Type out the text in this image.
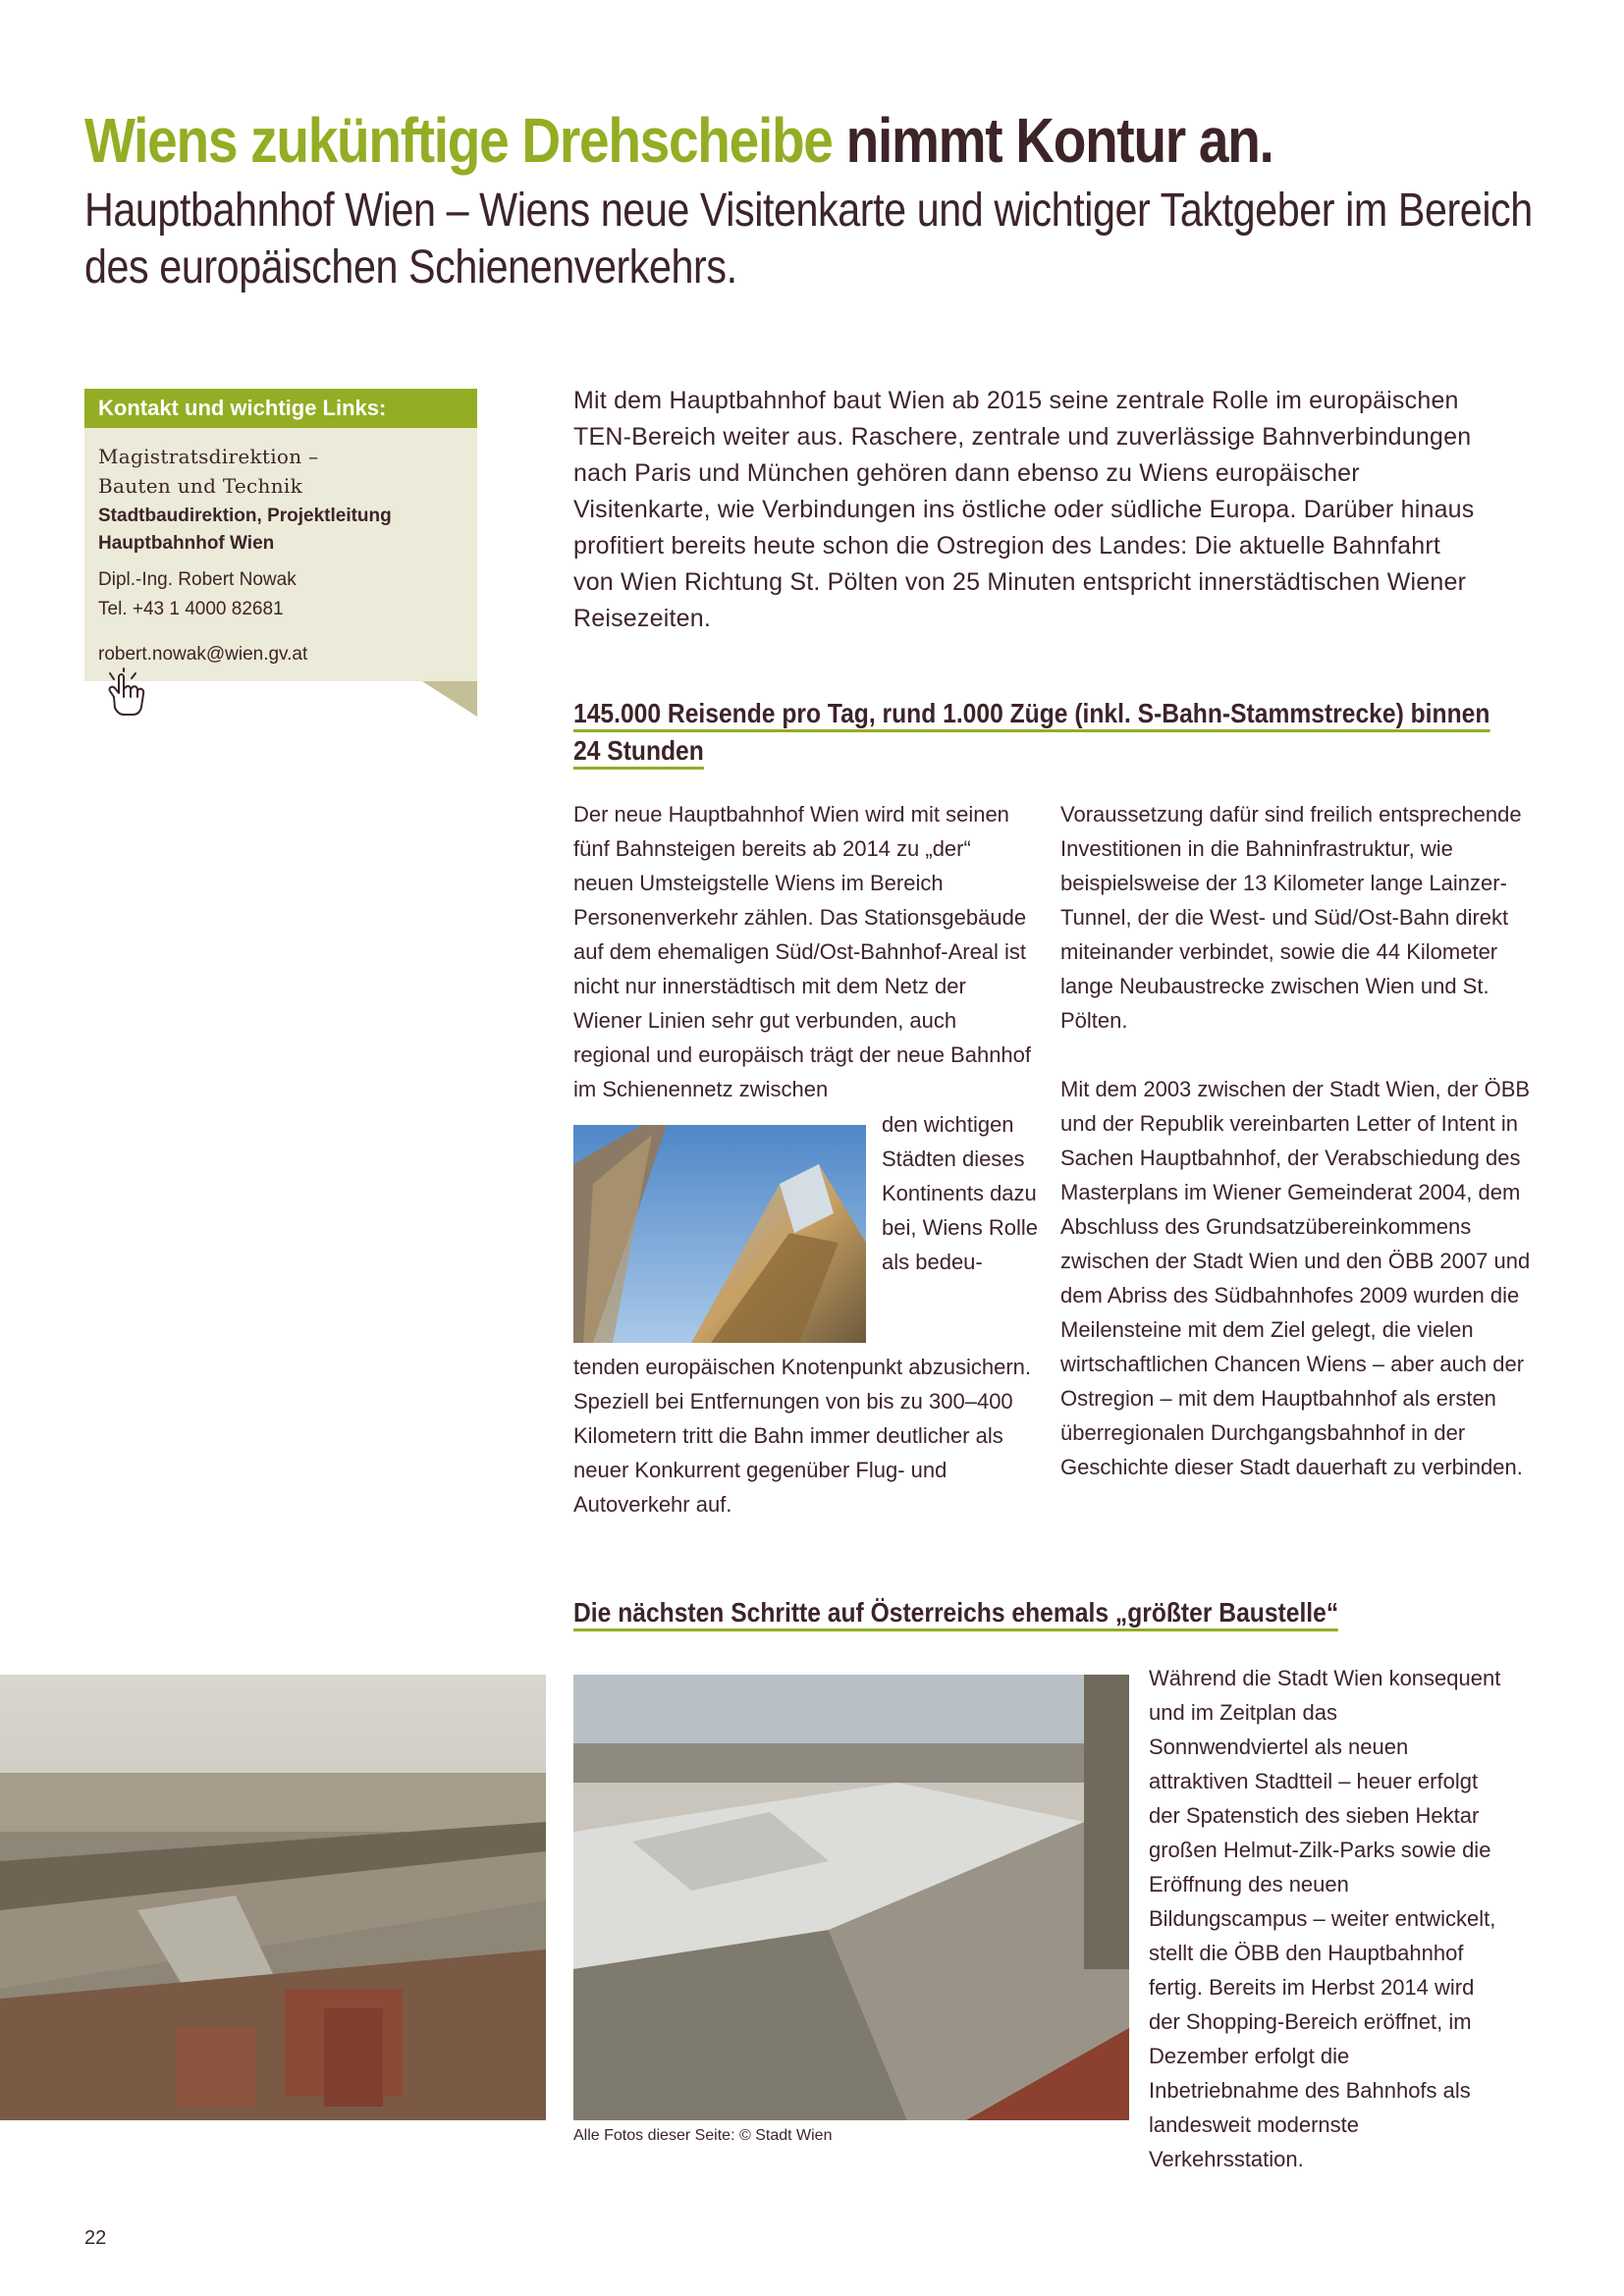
Wiens zukünftige Drehscheibe nimmt Kontur an.
Hauptbahnhof Wien – Wiens neue Visitenkarte und wichtiger Taktgeber im Bereich des europäischen Schienenverkehrs.
Kontakt und wichtige Links:
Magistratsdirektion –
Bauten und Technik
Stadtbaudirektion, Projektleitung Hauptbahnhof Wien
Dipl.-Ing. Robert Nowak
Tel. +43 1 4000 82681
robert.nowak@wien.gv.at

Mit dem Hauptbahnhof baut Wien ab 2015 seine zentrale Rolle im europäischen TEN-Bereich weiter aus. Raschere, zentrale und zuverlässige Bahnverbindungen nach Paris und München gehören dann ebenso zu Wiens europäischer Visitenkarte, wie Verbindungen ins östliche oder südliche Europa. Darüber hinaus profitiert bereits heute schon die Ostregion des Landes: Die aktuelle Bahnfahrt von Wien Richtung St. Pölten von 25 Minuten entspricht innerstädtischen Wiener Reisezeiten.

145.000 Reisende pro Tag, rund 1.000 Züge (inkl. S-Bahn-Stammstrecke) binnen 24 Stunden

Der neue Hauptbahnhof Wien wird mit seinen fünf Bahnsteigen bereits ab 2014 zu „der“ neuen Umsteigstelle Wiens im Bereich Personenverkehr zählen. Das Stationsgebäude auf dem ehemaligen Süd/Ost-Bahnhof-Areal ist nicht nur innerstädtisch mit dem Netz der Wiener Linien sehr gut verbunden, auch regional und europäisch trägt der neue Bahnhof im Schienennetz zwischen

den wichtigen Städten dieses Kontinents dazu bei, Wiens Rolle als bedeu-

tenden europäischen Knotenpunkt abzusichern. Speziell bei Entfernungen von bis zu 300–400 Kilometern tritt die Bahn immer deutlicher als neuer Konkurrent gegenüber Flug- und Autoverkehr auf.

Voraussetzung dafür sind freilich entsprechende Investitionen in die Bahninfrastruktur, wie beispielsweise der 13 Kilometer lange Lainzer-Tunnel, der die West- und Süd/Ost-Bahn direkt miteinander verbindet, sowie die 44 Kilometer lange Neubaustrecke zwischen Wien und St. Pölten.

Mit dem 2003 zwischen der Stadt Wien, der ÖBB und der Republik vereinbarten Letter of Intent in Sachen Hauptbahnhof, der Verabschiedung des Masterplans im Wiener Gemeinderat 2004, dem Abschluss des Grundsatzübereinkommens zwischen der Stadt Wien und den ÖBB 2007 und dem Abriss des Südbahnhofes 2009 wurden die Meilensteine mit dem Ziel gelegt, die vielen wirtschaftlichen Chancen Wiens – aber auch der Ostregion – mit dem Hauptbahnhof als ersten überregionalen Durchgangsbahnhof in der Geschichte dieser Stadt dauerhaft zu verbinden.

Die nächsten Schritte auf Österreichs ehemals „größter Baustelle“
Alle Fotos dieser Seite: © Stadt Wien

Während die Stadt Wien konsequent und im Zeitplan das Sonnwendviertel als neuen attraktiven Stadtteil – heuer erfolgt der Spatenstich des sieben Hektar großen Helmut-Zilk-Parks sowie die Eröffnung des neuen Bildungscampus – weiter entwickelt, stellt die ÖBB den Hauptbahnhof fertig. Bereits im Herbst 2014 wird der Shopping-Bereich eröffnet, im Dezember erfolgt die Inbetriebnahme des Bahnhofs als landesweit modernste Verkehrsstation.

22
